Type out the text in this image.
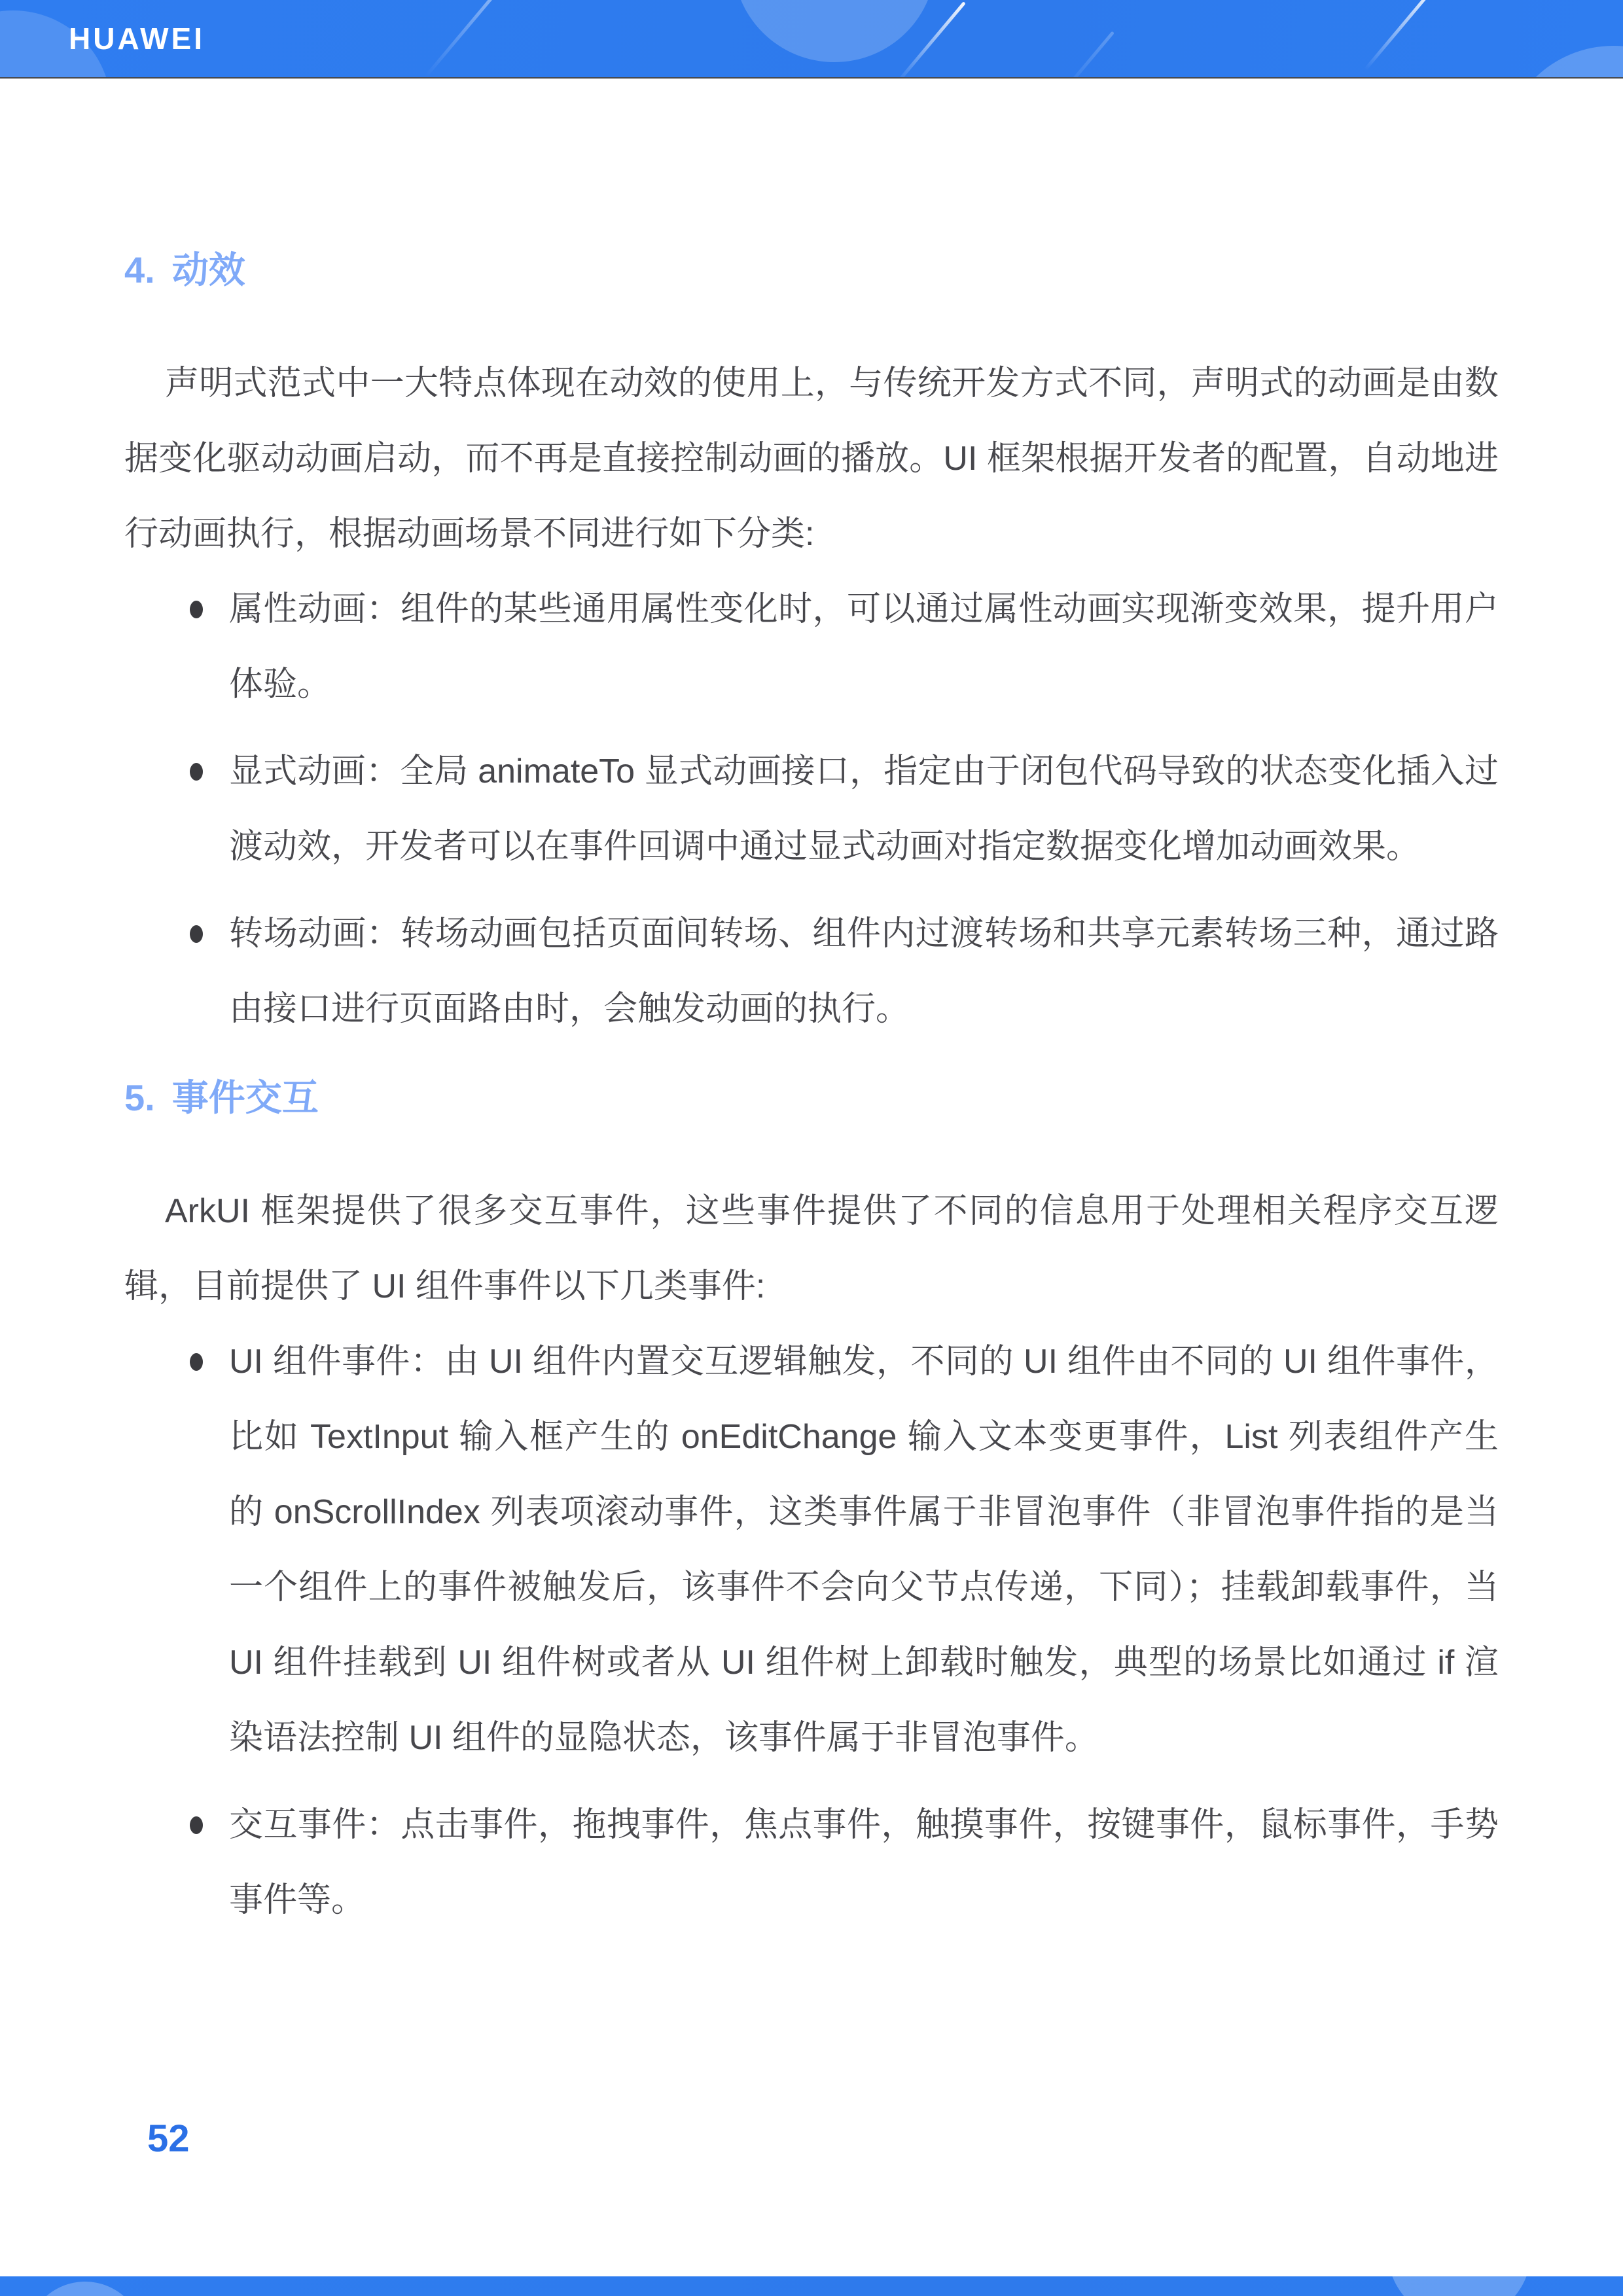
HUAWEI
4. 动效

声明式范式中一大特点体现在动效的使用上，与传统开发方式不同，声明式的动画是由数据变化驱动动画启动，而不再是直接控制动画的播放。UI 框架根据开发者的配置，自动地进行动画执行，根据动画场景不同进行如下分类:

属性动画：组件的某些通用属性变化时，可以通过属性动画实现渐变效果，提升用户体验。
显式动画：全局 animateTo 显式动画接口，指定由于闭包代码导致的状态变化插入过渡动效，开发者可以在事件回调中通过显式动画对指定数据变化增加动画效果。
转场动画：转场动画包括页面间转场、组件内过渡转场和共享元素转场三种，通过路由接口进行页面路由时，会触发动画的执行。
5. 事件交互

ArkUI 框架提供了很多交互事件，这些事件提供了不同的信息用于处理相关程序交互逻辑，目前提供了 UI 组件事件以下几类事件:

UI 组件事件：由 UI 组件内置交互逻辑触发，不同的 UI 组件由不同的 UI 组件事件，比如 TextInput 输入框产生的 onEditChange 输入文本变更事件，List 列表组件产生的 onScrollIndex 列表项滚动事件，这类事件属于非冒泡事件（非冒泡事件指的是当一个组件上的事件被触发后，该事件不会向父节点传递，下同）；挂载卸载事件，当 UI 组件挂载到 UI 组件树或者从 UI 组件树上卸载时触发，典型的场景比如通过 if 渲染语法控制 UI 组件的显隐状态，该事件属于非冒泡事件。
交互事件：点击事件，拖拽事件，焦点事件，触摸事件，按键事件，鼠标事件，手势事件等。
52
